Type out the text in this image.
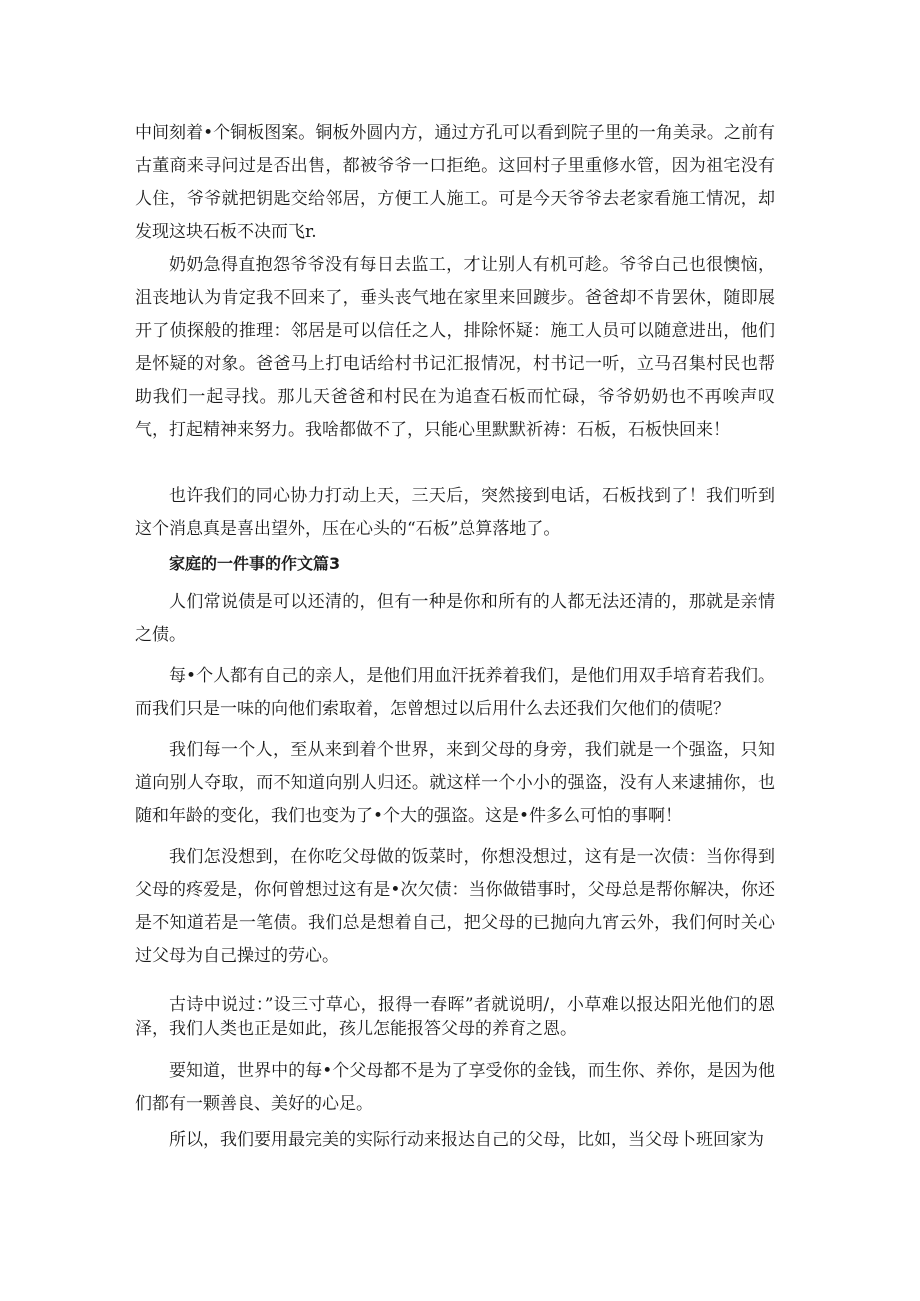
中间刻着•个铜板图案。铜板外圆内方，通过方孔可以看到院子里的一角美录。之前有古董商来寻问过是否出售，都被爷爷一口拒绝。这回村子里重修水管，因为祖宅没有人住，爷爷就把钥匙交给邻居，方便工人施工。可是今天爷爷去老家看施工情况，却发现这块石板不决而飞r.

奶奶急得直抱怨爷爷没有每日去监工，才让别人有机可趁。爷爷白己也很懊恼，沮丧地认为肯定我不回来了，垂头丧气地在家里来回踱步。爸爸却不肯罢休，随即展开了侦探般的推理：邻居是可以信任之人，排除怀疑：施工人员可以随意进出，他们是怀疑的对象。爸爸马上打电话给村书记汇报情况，村书记一听，立马召集村民也帮助我们一起寻找。那儿天爸爸和村民在为追查石板而忙碌，爷爷奶奶也不再唉声叹气，打起精神来努力。我啥都做不了，只能心里默默祈祷：石板，石板快回来！

也许我们的同心协力打动上天，三天后，突然接到电话，石板找到了！我们听到这个消息真是喜出望外，压在心头的“石板”总算落地了。

家庭的一件事的作文篇3

人们常说债是可以还清的，但有一种是你和所有的人都无法还清的，那就是亲情之债。

每•个人都有自己的亲人，是他们用血汗抚养着我们，是他们用双手培育若我们。而我们只是一味的向他们索取着，怎曾想过以后用什么去还我们欠他们的债呢？

我们每一个人，至从来到着个世界，来到父母的身旁，我们就是一个强盗，只知道向别人夺取，而不知道向别人归还。就这样一个小小的强盗，没有人来逮捕你，也随和年龄的变化，我们也变为了•个大的强盗。这是•件多么可怕的事啊！

我们怎没想到，在你吃父母做的饭菜时，你想没想过，这有是一次债：当你得到父母的疼爱是，你何曾想过这有是•次欠债：当你做错事时，父母总是帮你解决，你还是不知道若是一笔债。我们总是想着自己，把父母的已抛向九宵云外，我们何时关心过父母为自己操过的劳心。

古诗中说过：”设三寸草心，报得一春晖”者就说明/，小草难以报达阳光他们的恩泽，我们人类也正是如此，孩儿怎能报答父母的养育之恩。

要知道，世界中的每•个父母都不是为了享受你的金钱，而生你、养你，是因为他们都有一颗善良、美好的心足。

所以，我们要用最完美的实际行动来报达自己的父母，比如，当父母卜班回家为
